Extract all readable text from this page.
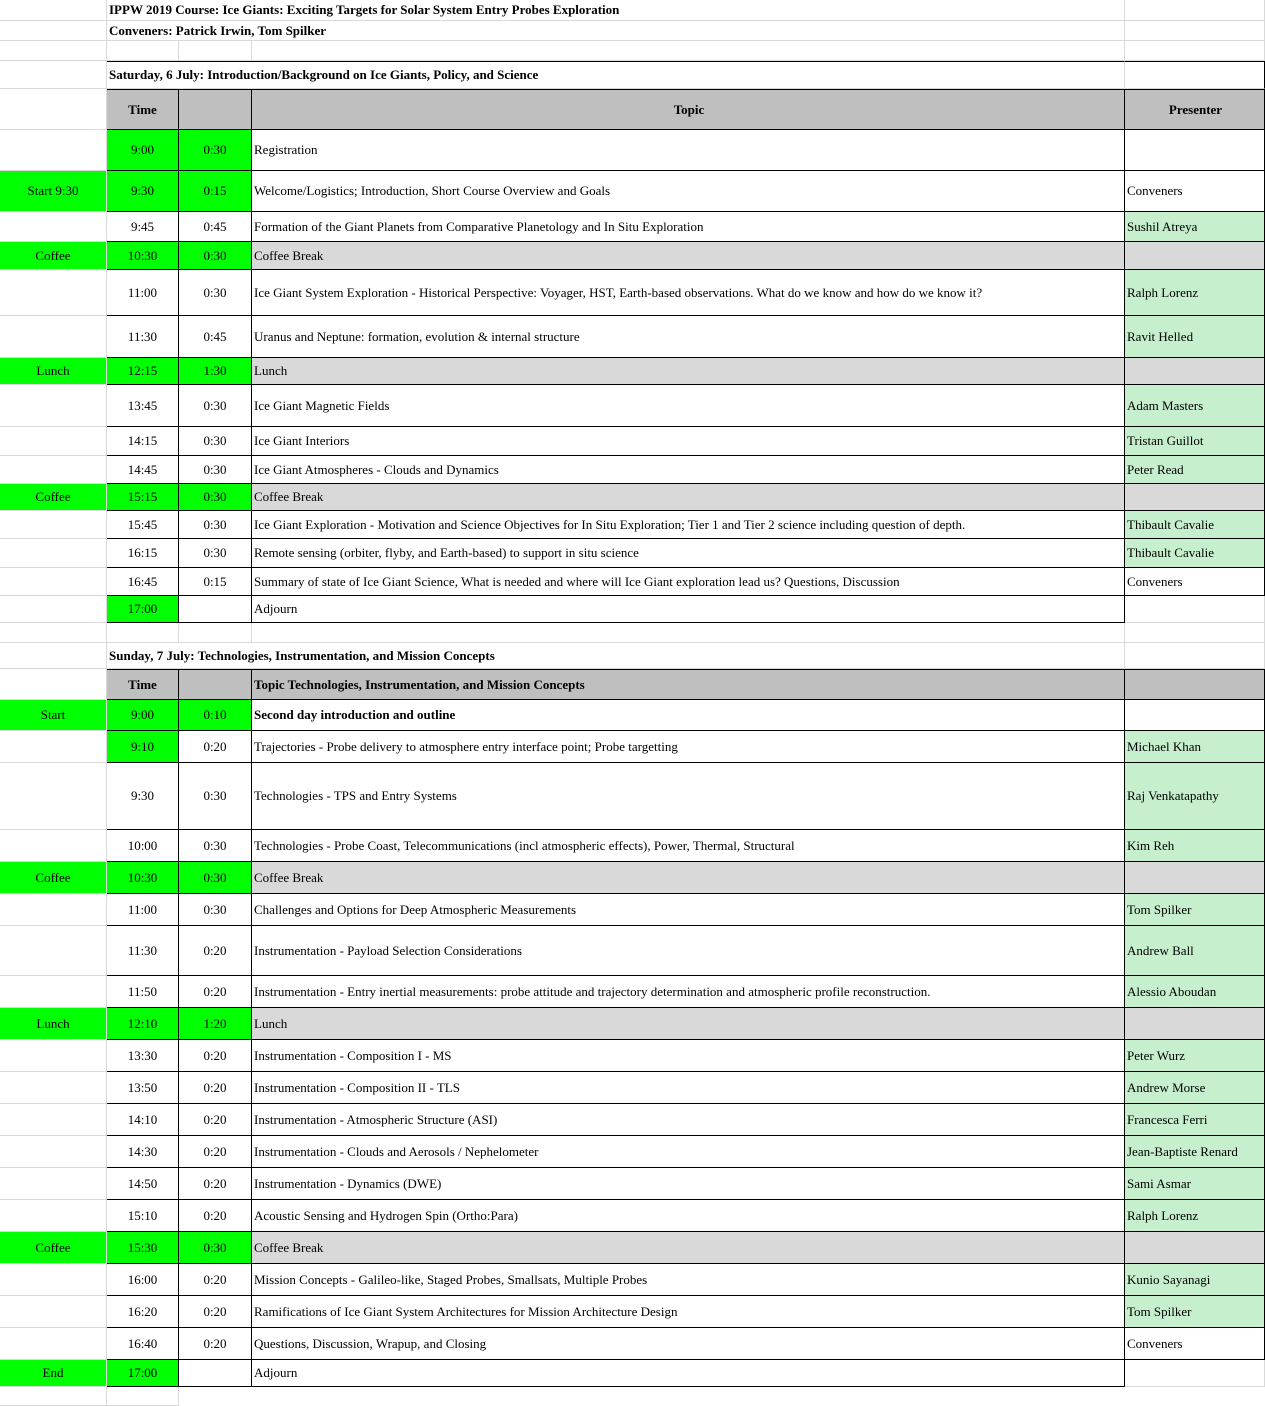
IPPW 2019 Course: Ice Giants: Exciting Targets for Solar System Entry Probes Exploration
Conveners: Patrick Irwin, Tom Spilker
Saturday, 6 July: Introduction/Background on Ice Giants, Policy, and Science
Time	Topic	Presenter
9:00	0:30	Registration
Start 9:30	9:30	0:15	Welcome/Logistics; Introduction, Short Course Overview and Goals	Conveners
9:45	0:45	Formation of the Giant Planets from Comparative Planetology and In Situ Exploration	Sushil Atreya
Coffee	10:30	0:30	Coffee Break
11:00	0:30	Ice Giant System Exploration - Historical Perspective: Voyager, HST, Earth-based observations. What do we know and how do we know it?	Ralph Lorenz
11:30	0:45	Uranus and Neptune: formation, evolution & internal structure	Ravit Helled
Lunch	12:15	1:30	Lunch
13:45	0:30	Ice Giant Magnetic Fields	Adam Masters
14:15	0:30	Ice Giant Interiors	Tristan Guillot
14:45	0:30	Ice Giant Atmospheres - Clouds and Dynamics	Peter Read
Coffee	15:15	0:30	Coffee Break
15:45	0:30	Ice Giant Exploration - Motivation and Science Objectives for In Situ Exploration; Tier 1 and Tier 2 science including question of depth.	Thibault Cavalie
16:15	0:30	Remote sensing (orbiter, flyby, and Earth-based) to support in situ science	Thibault Cavalie
16:45	0:15	Summary of state of Ice Giant Science, What is needed and where will Ice Giant exploration lead us? Questions, Discussion	Conveners
17:00	Adjourn
Sunday, 7 July: Technologies, Instrumentation, and Mission Concepts
Time	Topic Technologies, Instrumentation, and Mission Concepts
Start	9:00	0:10	Second day introduction and outline
9:10	0:20	Trajectories - Probe delivery to atmosphere entry interface point; Probe targetting	Michael Khan
9:30	0:30	Technologies - TPS and Entry Systems	Raj Venkatapathy
10:00	0:30	Technologies - Probe Coast, Telecommunications (incl atmospheric effects), Power, Thermal, Structural	Kim Reh
Coffee	10:30	0:30	Coffee Break
11:00	0:30	Challenges and Options for Deep Atmospheric Measurements	Tom Spilker
11:30	0:20	Instrumentation - Payload Selection Considerations	Andrew Ball
11:50	0:20	Instrumentation - Entry inertial measurements: probe attitude and trajectory determination and atmospheric profile reconstruction.	Alessio Aboudan
Lunch	12:10	1:20	Lunch
13:30	0:20	Instrumentation - Composition I - MS	Peter Wurz
13:50	0:20	Instrumentation - Composition II - TLS	Andrew Morse
14:10	0:20	Instrumentation - Atmospheric Structure (ASI)	Francesca Ferri
14:30	0:20	Instrumentation - Clouds and Aerosols / Nephelometer	Jean-Baptiste Renard
14:50	0:20	Instrumentation - Dynamics (DWE)	Sami Asmar
15:10	0:20	Acoustic Sensing and Hydrogen Spin (Ortho:Para)	Ralph Lorenz
Coffee	15:30	0:30	Coffee Break
16:00	0:20	Mission Concepts - Galileo-like, Staged Probes, Smallsats, Multiple Probes	Kunio Sayanagi
16:20	0:20	Ramifications of Ice Giant System Architectures for Mission Architecture Design	Tom Spilker
16:40	0:20	Questions, Discussion, Wrapup, and Closing	Conveners
End	17:00	Adjourn
